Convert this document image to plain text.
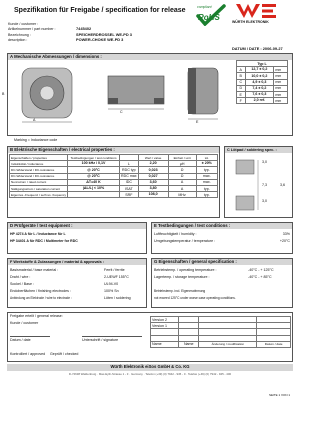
Spezifikation für Freigabe / specification for release	compliant
RoHS	WÜRTH ELEKTRONIK
Kunde / customer :
Artikelnummer / part number :	7445402
Bezeichnung :	SPEICHERDROSSEL WE-PD 3
description :	POWER-CHOKE WE-PD 3
DATUM / DATE : 2006-09-27
A Mechanische Abmessungen / dimensions :
A
B
C
E
Marking = Inductance code
Typ L		
A	12,7 ± 0,2	mm
B	10,0 ± 0,2	mm
C	4,9 ± 0,3	mm
D	7,4 ± 0,2	mm
E	7,6 ± 0,3	mm
F	2,0 ref.	mm
B Elektrische Eigenschaften / electrical properties :
Eigenschaften / properties	Testbedingungen / test conditions		Wert / value	Einheit / unit	tol.
Induktivität / inductance	100 kHz / 0,1V	L	2,20	µH	± 20%
DC-Widerstand / DC-resistance	@ 20°C	RDC typ	0,023	Ω	typ.
DC-Widerstand / DC-resistance	@ 20°C	RDC max	0,027	Ω	max.
Nennstrom / rated current	ΔT=40 K	IDC	3,60	A	max.
Sättigungsstrom / saturation current	|ΔL/L| < 10%	ISAT	3,80	A	typ.
Eigenres.-Frequenz / self res. frequency		SRF	108,0	MHz	typ.
C Lötpad / soldering spec. :
3,0
7,3
3,0
3,6
D Prüfgeräte / test equipment :
HP 4274 A für L / Inductance für L
HP 34401 A für RDC / Multimeter for RDC
E Testbedingungen / test conditions :
Luftfeuchtigkeit / humidity :	33%
Umgebungstemperatur / temperature :	+20°C
F Werkstoffe & Zulassungen / material & approvals :
Basismaterial / base material :	Ferrit / ferrite
Draht / wire :	2-UEWF 155°C
Sockel / Base :	UL94-V0
Endoberflächen / finishing electrodes :	100% Sn
Anbindung an Elektrode / wire to electrode :	Löten / soldering
G Eigenschaften / general specification :
Betriebstemp. / operating temperature :	-40°C - + 125°C
Lagertemp. / storage temperature :	-40°C - + 85°C
Betriebstemp. incl. Eigenerwärmung
not exceed 125°C under worse case operating conditions.
Freigabe erteilt / general release:
Kunde / customer
Datum / date	Unterschrift / signature
Kontrolliert / approved Geprüft / checked
Version 2			
Version 1			

Name	Name	Änderung / modification	Datum / date
Würth Elektronik eiSos GmbH & Co. KG
D-74638 Waldenburg · Max-Eyth-Strasse 1 - 3 · Germany · Telefon (+49) (0) 7942 - 945 - 0 · Telefax (+49) (0) 7942 - 945 - 400
SEITE 1 VON 1
